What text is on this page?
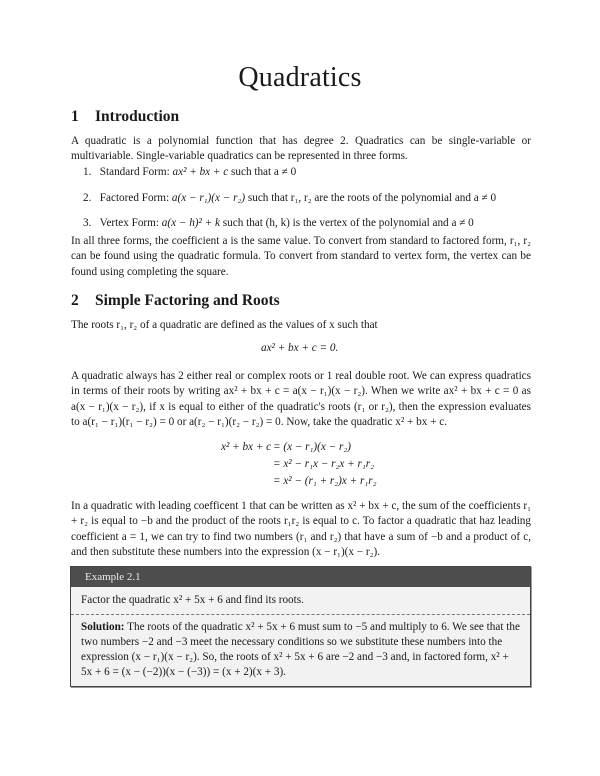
Quadratics
1 Introduction
A quadratic is a polynomial function that has degree 2. Quadratics can be single-variable or multivariable. Single-variable quadratics can be represented in three forms.
1. Standard Form: ax² + bx + c such that a ≠ 0
2. Factored Form: a(x − r₁)(x − r₂) such that r₁, r₂ are the roots of the polynomial and a ≠ 0
3. Vertex Form: a(x − h)² + k such that (h, k) is the vertex of the polynomial and a ≠ 0
In all three forms, the coefficient a is the same value. To convert from standard to factored form, r₁, r₂ can be found using the quadratic formula. To convert from standard to vertex form, the vertex can be found using completing the square.
2 Simple Factoring and Roots
The roots r₁, r₂ of a quadratic are defined as the values of x such that
ax² + bx + c = 0.
A quadratic always has 2 either real or complex roots or 1 real double root. We can express quadratics in terms of their roots by writing ax² + bx + c = a(x − r₁)(x − r₂). When we write ax² + bx + c = 0 as a(x − r₁)(x − r₂), if x is equal to either of the quadratic's roots (r₁ or r₂), then the expression evaluates to a(r₁ − r₁)(r₁ − r₂) = 0 or a(r₂ − r₁)(r₂ − r₂) = 0. Now, take the quadratic x² + bx + c.
x² + bx + c = (x − r₁)(x − r₂)
= x² − r₁x − r₂x + r₁r₂
= x² − (r₁ + r₂)x + r₁r₂
In a quadratic with leading coefficent 1 that can be written as x² + bx + c, the sum of the coefficients r₁ + r₂ is equal to −b and the product of the roots r₁r₂ is equal to c. To factor a quadratic that haz leading coefficient a = 1, we can try to find two numbers (r₁ and r₂) that have a sum of −b and a product of c, and then substitute these numbers into the expression (x − r₁)(x − r₂).
Example 2.1
Factor the quadratic x² + 5x + 6 and find its roots.
Solution: The roots of the quadratic x² + 5x + 6 must sum to −5 and multiply to 6. We see that the two numbers −2 and −3 meet the necessary conditions so we substitute these numbers into the expression (x − r₁)(x − r₂). So, the roots of x² + 5x + 6 are −2 and −3 and, in factored form, x² + 5x + 6 = (x − (−2))(x − (−3)) = (x + 2)(x + 3).
